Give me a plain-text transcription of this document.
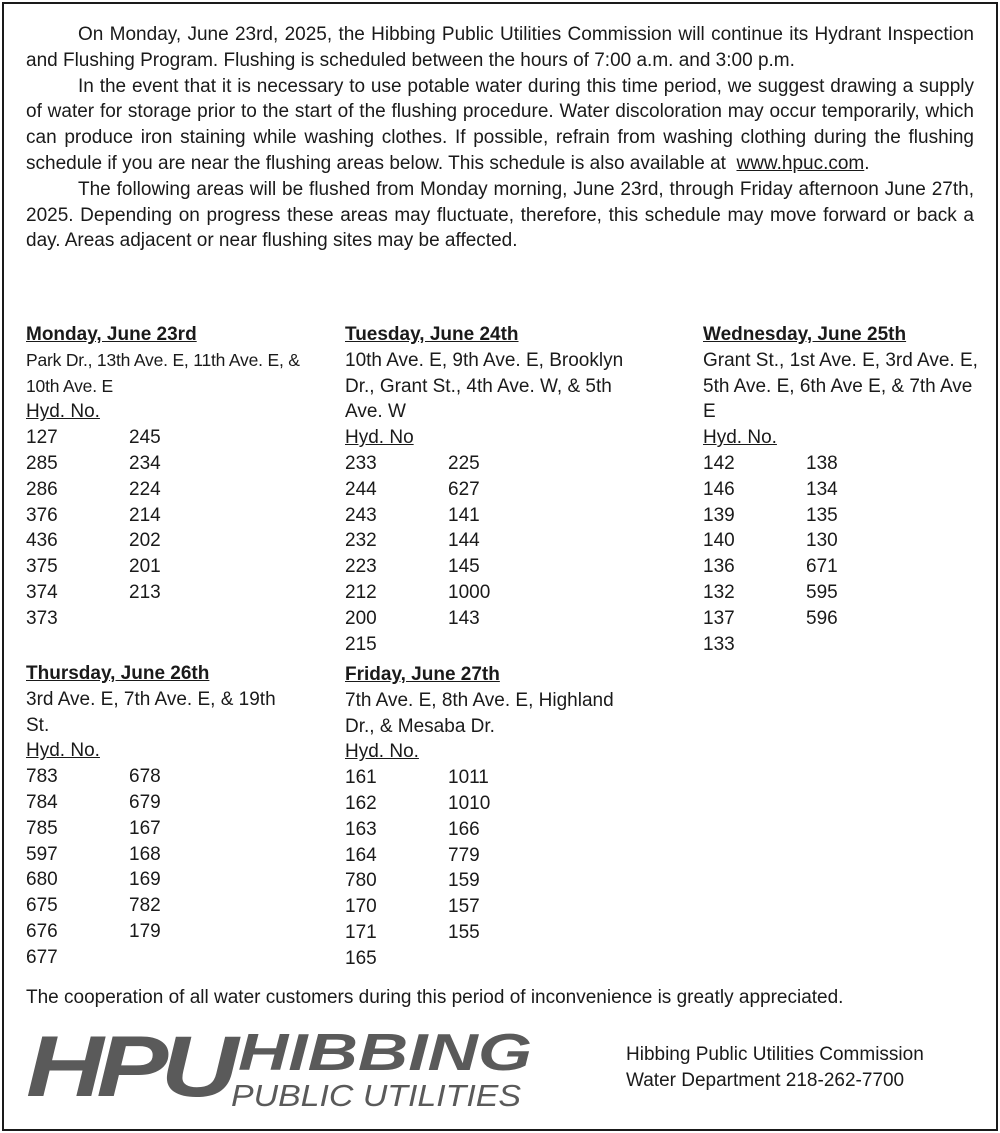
On Monday, June 23rd, 2025, the Hibbing Public Utilities Commission will continue its Hydrant Inspection and Flushing Program. Flushing is scheduled between the hours of 7:00 a.m. and 3:00 p.m.

In the event that it is necessary to use potable water during this time period, we suggest drawing a supply of water for storage prior to the start of the flushing procedure. Water discoloration may occur temporarily, which can produce iron staining while washing clothes. If possible, refrain from washing clothing during the flushing schedule if you are near the flushing areas below. This schedule is also available at www.hpuc.com.

The following areas will be flushed from Monday morning, June 23rd, through Friday afternoon June 27th, 2025. Depending on progress these areas may fluctuate, therefore, this schedule may move forward or back a day. Areas adjacent or near flushing sites may be affected.

Monday, June 23rd
Park Dr., 13th Ave. E, 11th Ave. E, & 10th Ave. E
Hyd. No.
127	245
285	234
286	224
376	214
436	202
375	201
374	213
373	
Tuesday, June 24th
10th Ave. E, 9th Ave. E, Brooklyn Dr., Grant St., 4th Ave. W, & 5th Ave. W
Hyd. No
233	225
244	627
243	141
232	144
223	145
212	1000
200	143
215	
Wednesday, June 25th
Grant St., 1st Ave. E, 3rd Ave. E, 5th Ave. E, 6th Ave E, & 7th Ave E
Hyd. No.
142	138
146	134
139	135
140	130
136	671
132	595
137	596
133	
Thursday, June 26th
3rd Ave. E, 7th Ave. E, & 19th St.
Hyd. No.
783	678
784	679
785	167
597	168
680	169
675	782
676	179
677	
Friday, June 27th
7th Ave. E, 8th Ave. E, Highland Dr., & Mesaba Dr.
Hyd. No.
161	1011
162	1010
163	166
164	779
780	159
170	157
171	155
165	

The cooperation of all water customers during this period of inconvenience is greatly appreciated.

HPU
HIBBING
PUBLIC UTILITIES
Hibbing Public Utilities Commission
Water Department 218-262-7700
